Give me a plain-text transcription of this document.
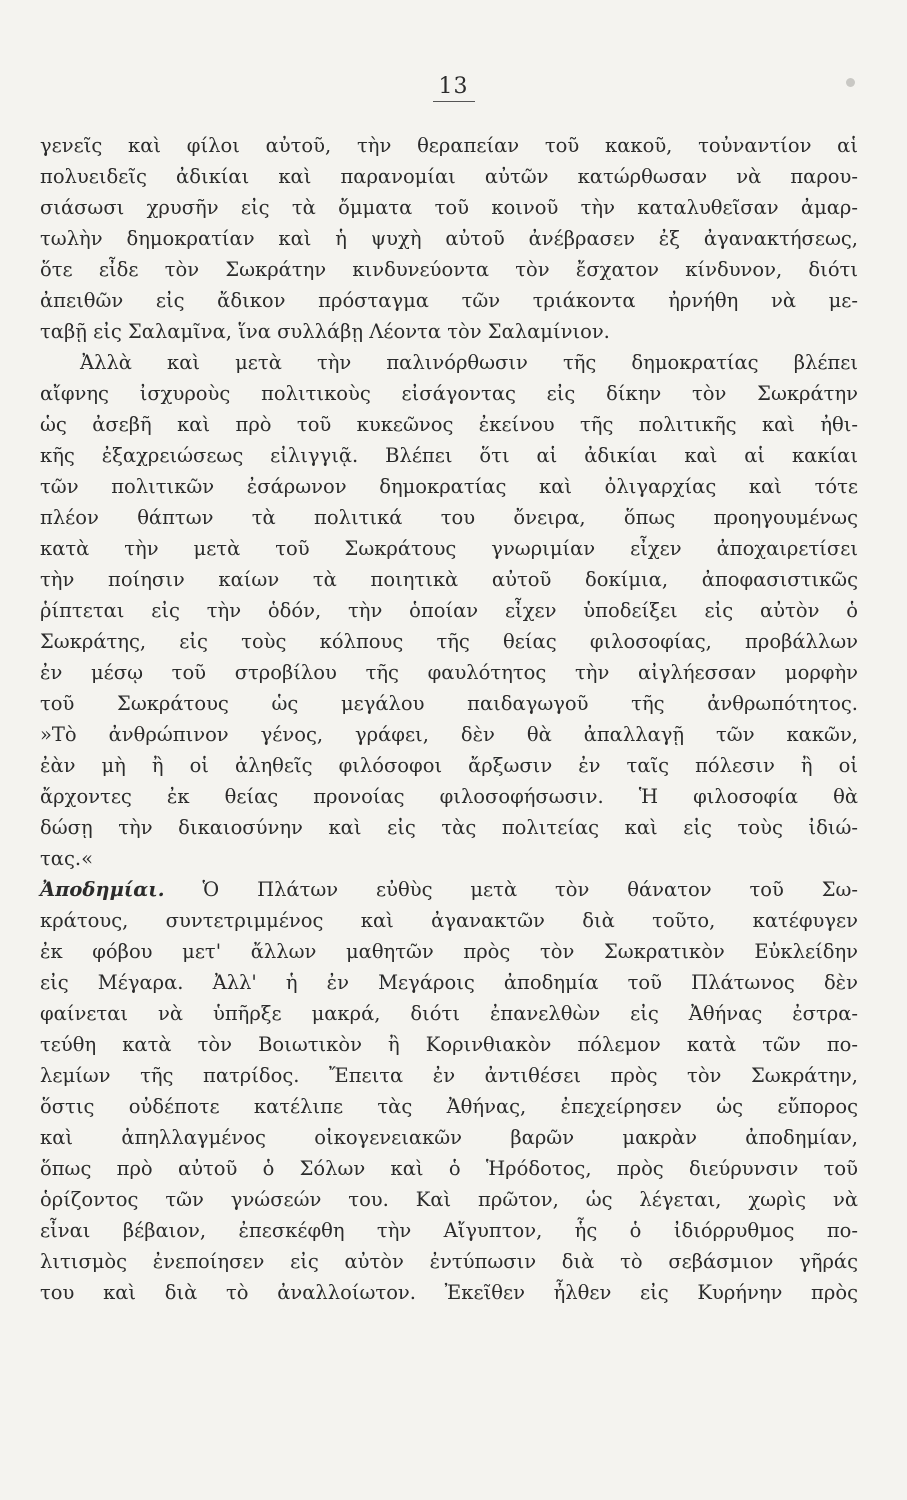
13
γενεῖς καὶ φίλοι αὐτοῦ, τὴν θεραπείαν τοῦ κακοῦ, τοὐναντίον αἱ
πολυειδεῖς ἀδικίαι καὶ παρανομίαι αὐτῶν κατώρθωσαν νὰ παρου-
σιάσωσι χρυσῆν εἰς τὰ ὄμματα τοῦ κοινοῦ τὴν καταλυθεῖσαν ἀμαρ-
τωλὴν δημοκρατίαν καὶ ἡ ψυχὴ αὐτοῦ ἀνέβρασεν ἐξ ἀγανακτήσεως,
ὅτε εἶδε τὸν Σωκράτην κινδυνεύοντα τὸν ἔσχατον κίνδυνον, διότι
ἀπειθῶν εἰς ἄδικον πρόσταγμα τῶν τριάκοντα ἠρνήθη νὰ με-
ταβῇ εἰς Σαλαμῖνα, ἵνα συλλάβῃ Λέοντα τὸν Σαλαμίνιον.
Ἀλλὰ καὶ μετὰ τὴν παλινόρθωσιν τῆς δημοκρατίας βλέπει
αἴφνης ἰσχυροὺς πολιτικοὺς εἰσάγοντας εἰς δίκην τὸν Σωκράτην
ὡς ἀσεβῆ καὶ πρὸ τοῦ κυκεῶνος ἐκείνου τῆς πολιτικῆς καὶ ἠθι-
κῆς ἐξαχρειώσεως εἰλιγγιᾷ. Βλέπει ὅτι αἱ ἀδικίαι καὶ αἱ κακίαι
τῶν πολιτικῶν ἐσάρωνον δημοκρατίας καὶ ὀλιγαρχίας καὶ τότε
πλέον θάπτων τὰ πολιτικά του ὄνειρα, ὅπως προηγουμένως
κατὰ τὴν μετὰ τοῦ Σωκράτους γνωριμίαν εἶχεν ἀποχαιρετίσει
τὴν ποίησιν καίων τὰ ποιητικὰ αὐτοῦ δοκίμια, ἀποφασιστικῶς
ῥίπτεται εἰς τὴν ὁδόν, τὴν ὁποίαν εἶχεν ὑποδείξει εἰς αὐτὸν ὁ
Σωκράτης, εἰς τοὺς κόλπους τῆς θείας φιλοσοφίας, προβάλλων
ἐν μέσῳ τοῦ στροβίλου τῆς φαυλότητος τὴν αἰγλήεσσαν μορφὴν
τοῦ Σωκράτους ὡς μεγάλου παιδαγωγοῦ τῆς ἀνθρωπότητος.
»Τὸ ἀνθρώπινον γένος, γράφει, δὲν θὰ ἀπαλλαγῇ τῶν κακῶν,
ἐὰν μὴ ἢ οἱ ἀληθεῖς φιλόσοφοι ἄρξωσιν ἐν ταῖς πόλεσιν ἢ οἱ
ἄρχοντες ἐκ θείας προνοίας φιλοσοφήσωσιν. Ἡ φιλοσοφία θὰ
δώσῃ τὴν δικαιοσύνην καὶ εἰς τὰς πολιτείας καὶ εἰς τοὺς ἰδιώ-
τας.«
Ἀποδημίαι. Ὁ Πλάτων εὐθὺς μετὰ τὸν θάνατον τοῦ Σω-
κράτους, συντετριμμένος καὶ ἀγανακτῶν διὰ τοῦτο, κατέφυγεν
ἐκ φόβου μετ' ἄλλων μαθητῶν πρὸς τὸν Σωκρατικὸν Εὐκλείδην
εἰς Μέγαρα. Ἀλλ' ἡ ἐν Μεγάροις ἀποδημία τοῦ Πλάτωνος δὲν
φαίνεται νὰ ὑπῆρξε μακρά, διότι ἐπανελθὼν εἰς Ἀθήνας ἐστρα-
τεύθη κατὰ τὸν Βοιωτικὸν ἢ Κορινθιακὸν πόλεμον κατὰ τῶν πο-
λεμίων τῆς πατρίδος. Ἔπειτα ἐν ἀντιθέσει πρὸς τὸν Σωκράτην,
ὅστις οὐδέποτε κατέλιπε τὰς Ἀθήνας, ἐπεχείρησεν ὡς εὔπορος
καὶ ἀπηλλαγμένος οἰκογενειακῶν βαρῶν μακρὰν ἀποδημίαν,
ὅπως πρὸ αὐτοῦ ὁ Σόλων καὶ ὁ Ἡρόδοτος, πρὸς διεύρυνσιν τοῦ
ὁρίζοντος τῶν γνώσεών του. Καὶ πρῶτον, ὡς λέγεται, χωρὶς νὰ
εἶναι βέβαιον, ἐπεσκέφθη τὴν Αἴγυπτον, ἧς ὁ ἰδιόρρυθμος πο-
λιτισμὸς ἐνεποίησεν εἰς αὐτὸν ἐντύπωσιν διὰ τὸ σεβάσμιον γῆράς
του καὶ διὰ τὸ ἀναλλοίωτον. Ἐκεῖθεν ἦλθεν εἰς Κυρήνην πρὸς
